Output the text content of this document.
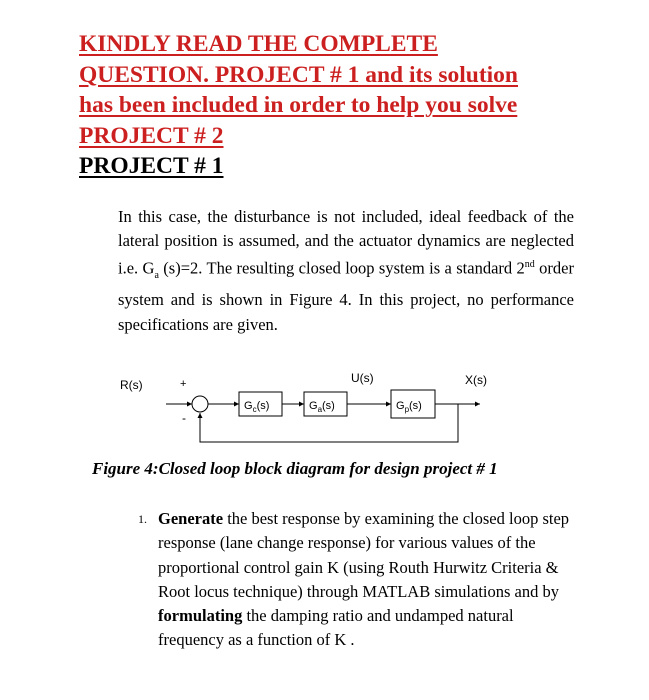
KINDLY READ THE COMPLETE
QUESTION. PROJECT # 1 and its solution
has been included in order to help you solve
PROJECT # 2
PROJECT # 1
In this case, the disturbance is not included, ideal feedback of the lateral position is assumed, and the actuator dynamics are neglected i.e. $G_a$ (s)=2. The resulting closed loop system is a standard 2nd order system and is shown in Figure 4. In this project, no performance specifications are given.
R(s)	+
-
$G_c(s)$	$G_a(s)$
U(s)
$G_p(s)$
X(s)
Figure 4:Closed loop block diagram for design project # 1
1. Generate the best response by examining the closed loop step response (lane change response) for various values of the proportional control gain K (using Routh Hurwitz Criteria & Root locus technique) through MATLAB simulations and by formulating the damping ratio and undamped natural frequency as a function of K .
